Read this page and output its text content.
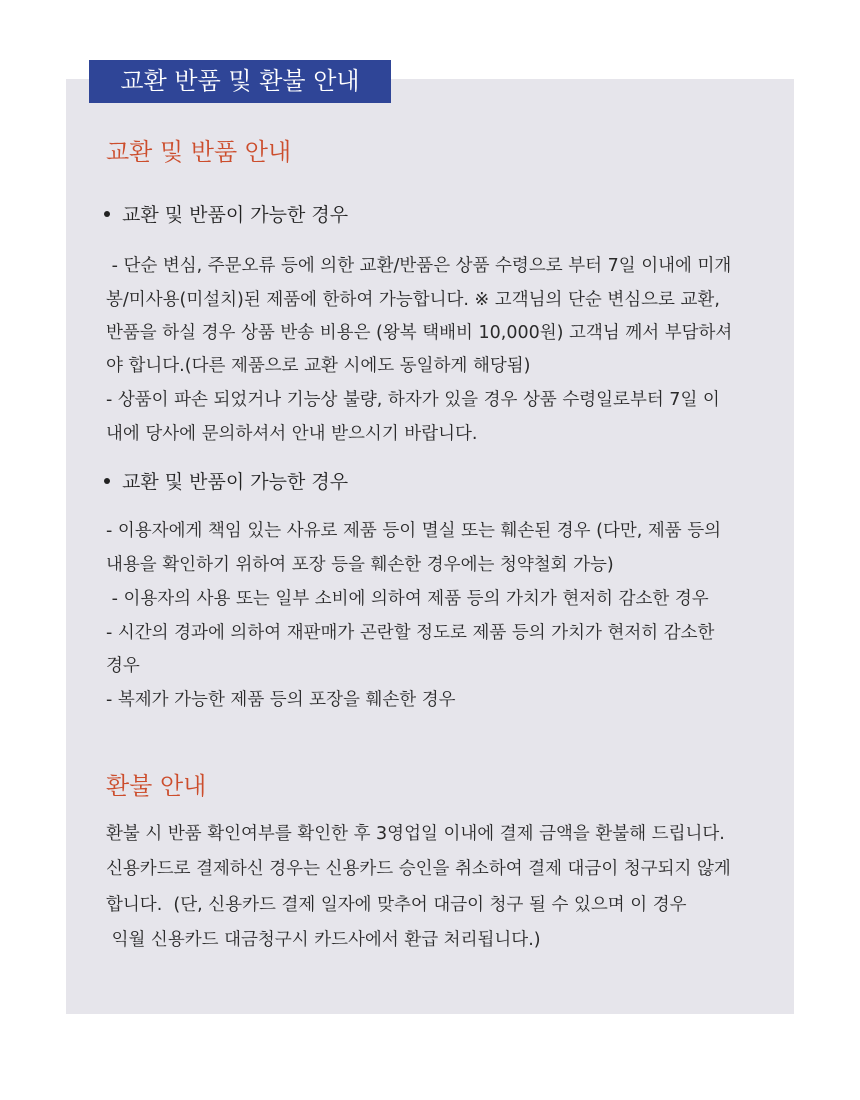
교환 반품 및 환불 안내
교환 및 반품 안내
교환 및 반품이 가능한 경우

- 단순 변심, 주문오류 등에 의한 교환/반품은 상품 수령으로 부터 7일 이내에 미개

봉/미사용(미설치)된 제품에 한하여 가능합니다. ※ 고객님의 단순 변심으로 교환,

반품을 하실 경우 상품 반송 비용은 (왕복 택배비 10,000원) 고객님 께서 부담하셔

야 합니다.(다른 제품으로 교환 시에도 동일하게 해당됨)

- 상품이 파손 되었거나 기능상 불량, 하자가 있을 경우 상품 수령일로부터 7일 이

내에 당사에 문의하셔서 안내 받으시기 바랍니다.

교환 및 반품이 가능한 경우

- 이용자에게 책임 있는 사유로 제품 등이 멸실 또는 훼손된 경우 (다만, 제품 등의

내용을 확인하기 위하여 포장 등을 훼손한 경우에는 청약철회 가능)

- 이용자의 사용 또는 일부 소비에 의하여 제품 등의 가치가 현저히 감소한 경우

- 시간의 경과에 의하여 재판매가 곤란할 정도로 제품 등의 가치가 현저히 감소한

경우

- 복제가 가능한 제품 등의 포장을 훼손한 경우

환불 안내

환불 시 반품 확인여부를 확인한 후 3영업일 이내에 결제 금액을 환불해 드립니다.

신용카드로 결제하신 경우는 신용카드 승인을 취소하여 결제 대금이 청구되지 않게

합니다.  (단, 신용카드 결제 일자에 맞추어 대금이 청구 될 수 있으며 이 경우

익월 신용카드 대금청구시 카드사에서 환급 처리됩니다.)
